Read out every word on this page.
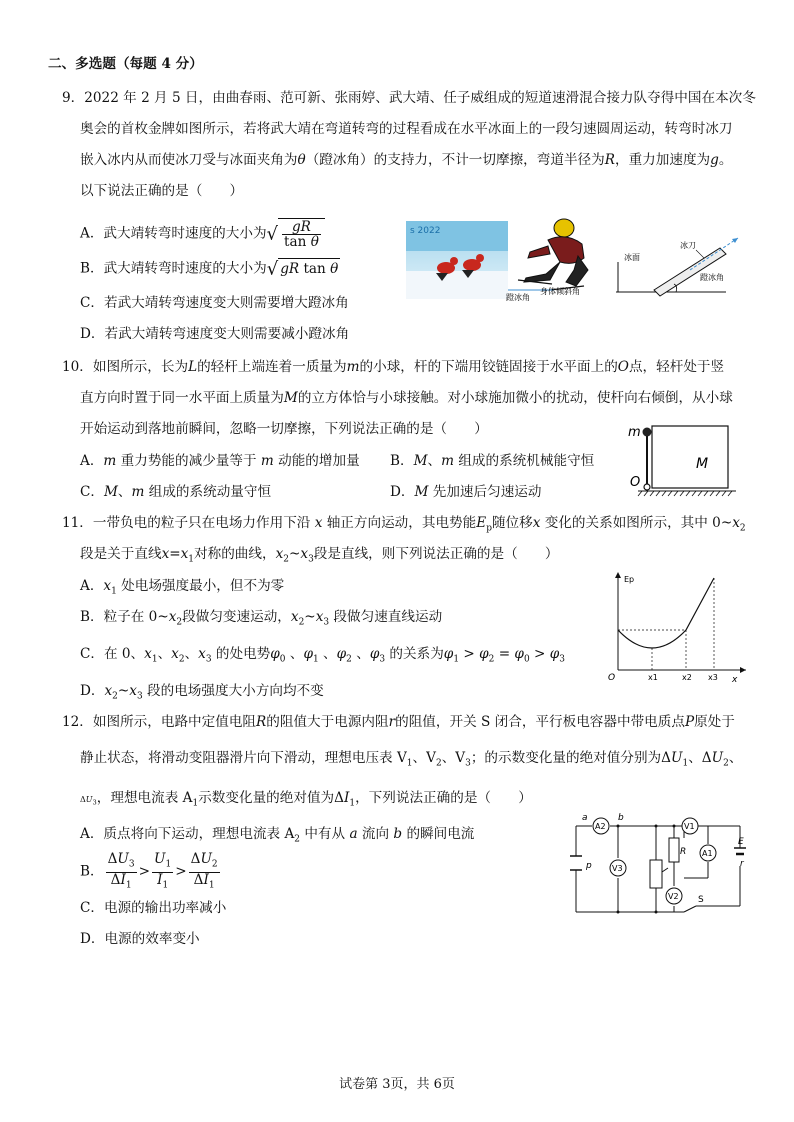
二、多选题（每题 4 分）
9．2022 年 2 月 5 日，由曲春雨、范可新、张雨婷、武大靖、任子威组成的短道速滑混合接力队夺得中国在本次冬
奥会的首枚金牌如图所示，若将武大靖在弯道转弯的过程看成在水平冰面上的一段匀速圆周运动，转弯时冰刀
嵌入冰内从而使冰刀受与冰面夹角为θ（蹬冰角）的支持力，不计一切摩擦，弯道半径为R，重力加速度为g。
以下说法正确的是（　　）
A．武大靖转弯时速度的大小为√ $\frac{gR}{\text{tan θ}}$
B．武大靖转弯时速度的大小为√ gR tan θ
C．若武大靖转弯速度变大则需要增大蹬冰角
D．若武大靖转弯速度变大则需要减小蹬冰角
s 2022
蹬冰角
身体倾斜角
冰面
冰刀
蹬冰角
10．如图所示，长为L的轻杆上端连着一质量为m的小球，杆的下端用铰链固接于水平面上的O点，轻杆处于竖
直方向时置于同一水平面上质量为M的立方体恰与小球接触。对小球施加微小的扰动，使杆向右倾倒，从小球
开始运动到落地前瞬间，忽略一切摩擦，下列说法正确的是（　　）
A．m 重力势能的减少量等于 m 动能的增加量 B．M、m 组成的系统机械能守恒
C．M、m 组成的系统动量守恒	D．M 先加速后匀速运动
m
M
O
11．一带负电的粒子只在电场力作用下沿 x 轴正方向运动，其电势能$E_p$随位移x 变化的关系如图所示，其中 $0\sim x_2$
段是关于直线$x=x_1$对称的曲线，$x_2\sim x_3$段是直线，则下列说法正确的是（　　）
A．$x_1$ 处电场强度最小，但不为零
B．粒子在 $0\sim x_2$段做匀变速运动，$x_2\sim x_3$ 段做匀速直线运动
C．在 0、$x_1$、$x_2$、$x_3$ 的处电势$\varphi_0$ 、$\varphi_1$ 、$\varphi_2$ 、$\varphi_3$ 的关系为$\varphi_1 > \varphi_2 = \varphi_0 > \varphi_3$
D．$x_2\sim x_3$ 段的电场强度大小方向均不变
Ep
O	x1	x2 x3 x
12．如图所示，电路中定值电阻R的阻值大于电源内阻r的阻值，开关 S 闭合，平行板电容器中带电质点P原处于
静止状态，将滑动变阻器滑片向下滑动，理想电压表 $V_1$、$V_2$、$V_3$；的示数变化量的绝对值分别为$\Delta U_1$、$\Delta U_2$、
$\Delta U_3$，理想电流表 $A_1$示数变化量的绝对值为$\Delta I_1$，下列说法正确的是（　　）
A．质点将向下运动，理想电流表 $A_2$ 中有从 a 流向 b 的瞬间电流
B． $\frac{\Delta U_3}{\Delta I_1} > \frac{U_1}{I_1} > \frac{\Delta U_2}{\Delta I_1}$
C．电源的输出功率减小
D．电源的效率变小
p
R
E
r
A2
V3
V1
A1
V2
a	b
S
试卷第 3页，共 6页
